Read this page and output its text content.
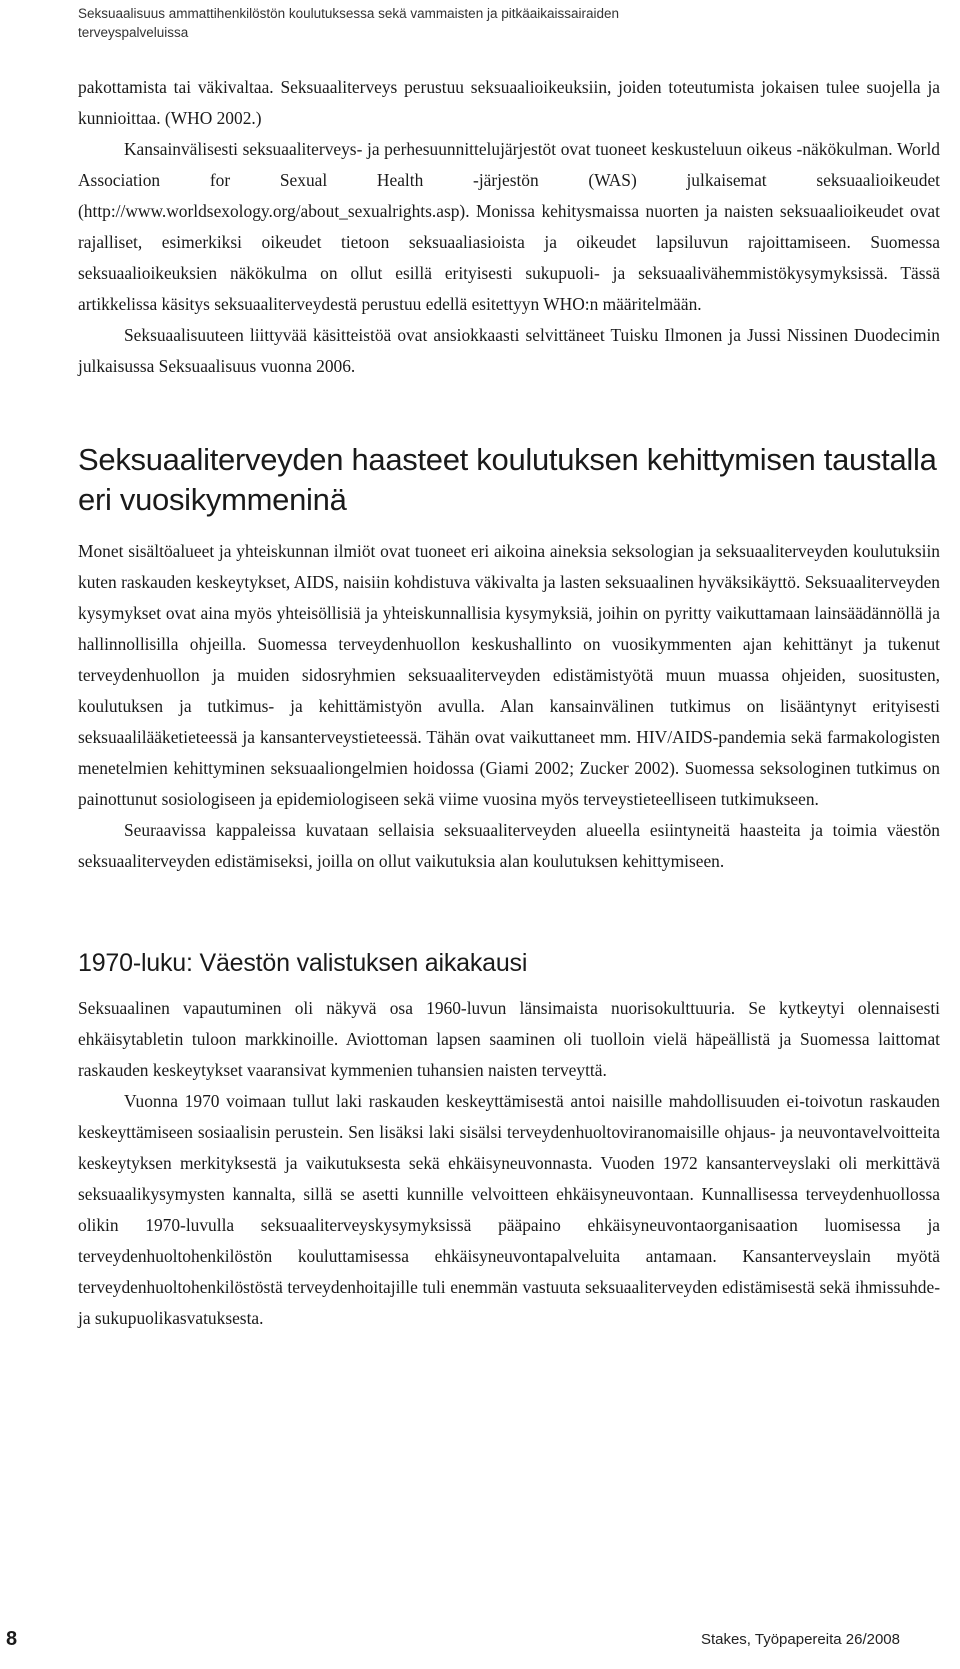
Seksuaalisuus ammattihenkilöstön koulutuksessa sekä vammaisten ja pitkäaikaissairaiden terveyspalveluissa

pakottamista tai väkivaltaa. Seksuaaliterveys perustuu seksuaalioikeuksiin, joiden toteutumista jokaisen tulee suojella ja kunnioittaa. (WHO 2002.)

Kansainvälisesti seksuaaliterveys- ja perhesuunnittelujärjestöt ovat tuoneet keskusteluun oikeus -näkökulman. World Association for Sexual Health -järjestön (WAS) julkaisemat seksuaalioikeudet (http://www.worldsexology.org/about_sexualrights.asp). Monissa kehitysmaissa nuorten ja naisten seksuaalioikeudet ovat rajalliset, esimerkiksi oikeudet tietoon seksuaaliasioista ja oikeudet lapsiluvun rajoittamiseen. Suomessa seksuaalioikeuksien näkökulma on ollut esillä erityisesti sukupuoli- ja seksuaalivähemmistökysymyksissä. Tässä artikkelissa käsitys seksuaaliterveydestä perustuu edellä esitettyyn WHO:n määritelmään.

Seksuaalisuuteen liittyvää käsitteistöä ovat ansiokkaasti selvittäneet Tuisku Ilmonen ja Jussi Nissinen Duodecimin julkaisussa Seksuaalisuus vuonna 2006.

Seksuaaliterveyden haasteet koulutuksen kehittymisen taustalla eri vuosikymmeninä

Monet sisältöalueet ja yhteiskunnan ilmiöt ovat tuoneet eri aikoina aineksia seksologian ja seksuaaliterveyden koulutuksiin kuten raskauden keskeytykset, AIDS, naisiin kohdistuva väkivalta ja lasten seksuaalinen hyväksikäyttö. Seksuaaliterveyden kysymykset ovat aina myös yhteisöllisiä ja yhteiskunnallisia kysymyksiä, joihin on pyritty vaikuttamaan lainsäädännöllä ja hallinnollisilla ohjeilla. Suomessa terveydenhuollon keskushallinto on vuosikymmenten ajan kehittänyt ja tukenut terveydenhuollon ja muiden sidosryhmien seksuaaliterveyden edistämistyötä muun muassa ohjeiden, suositusten, koulutuksen ja tutkimus- ja kehittämistyön avulla. Alan kansainvälinen tutkimus on lisääntynyt erityisesti seksuaalilääketieteessä ja kansanterveystieteessä. Tähän ovat vaikuttaneet mm. HIV/AIDS-pandemia sekä farmakologisten menetelmien kehittyminen seksuaaliongelmien hoidossa (Giami 2002; Zucker 2002). Suomessa seksologinen tutkimus on painottunut sosiologiseen ja epidemiologiseen sekä viime vuosina myös terveystieteelliseen tutkimukseen.

Seuraavissa kappaleissa kuvataan sellaisia seksuaaliterveyden alueella esiintyneitä haasteita ja toimia väestön seksuaaliterveyden edistämiseksi, joilla on ollut vaikutuksia alan koulutuksen kehittymiseen.

1970-luku: Väestön valistuksen aikakausi

Seksuaalinen vapautuminen oli näkyvä osa 1960-luvun länsimaista nuorisokulttuuria. Se kytkeytyi olennaisesti ehkäisytabletin tuloon markkinoille. Aviottoman lapsen saaminen oli tuolloin vielä häpeällistä ja Suomessa laittomat raskauden keskeytykset vaaransivat kymmenien tuhansien naisten terveyttä.

Vuonna 1970 voimaan tullut laki raskauden keskeyttämisestä antoi naisille mahdollisuuden ei-toivotun raskauden keskeyttämiseen sosiaalisin perustein. Sen lisäksi laki sisälsi terveydenhuoltoviranomaisille ohjaus- ja neuvontavelvoitteita keskeytyksen merkityksestä ja vaikutuksesta sekä ehkäisyneuvonnasta. Vuoden 1972 kansanterveyslaki oli merkittävä seksuaalikysymysten kannalta, sillä se asetti kunnille velvoitteen ehkäisyneuvontaan. Kunnallisessa terveydenhuollossa olikin 1970-luvulla seksuaaliterveyskysymyksissä pääpaino ehkäisyneuvontaorganisaation luomisessa ja terveydenhuoltohenkilöstön kouluttamisessa ehkäisyneuvontapalveluita antamaan. Kansanterveyslain myötä terveydenhuoltohenkilöstöstä terveydenhoitajille tuli enemmän vastuuta seksuaaliterveyden edistämisestä sekä ihmissuhde- ja sukupuolikasvatuksesta.

8	Stakes, Työpapereita 26/2008
